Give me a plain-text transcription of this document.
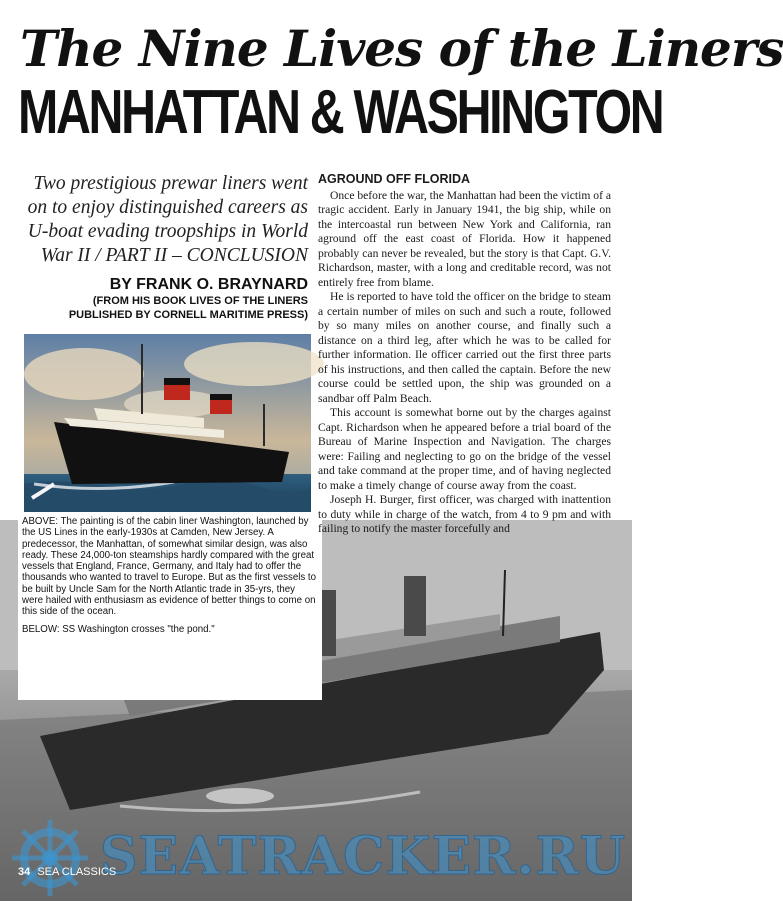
The Nine Lives of the Liners
MANHATTAN & WASHINGTON
Two prestigious prewar liners went on to enjoy distinguished careers as U-boat evading troopships in World War II / PART II – CONCLUSION
BY FRANK O. BRAYNARD
(FROM HIS BOOK LIVES OF THE LINERS
PUBLISHED BY CORNELL MARITIME PRESS)

ABOVE: The painting is of the cabin liner Washington, launched by the US Lines in the early-1930s at Camden, New Jersey. A predecessor, the Manhattan, of somewhat similar design, was also ready. These 24,000-ton steamships hardly compared with the great vessels that England, France, Germany, and Italy had to offer the thousands who wanted to travel to Europe. But as the first vessels to be built by Uncle Sam for the North Atlantic trade in 35-yrs, they were hailed with enthusiasm as evidence of better things to come on this side of the ocean.

BELOW: SS Washington crosses "the pond."

AGROUND OFF FLORIDA

Once before the war, the Manhattan had been the victim of a tragic accident. Early in January 1941, the big ship, while on the intercoastal run between New York and California, ran aground off the east coast of Florida. How it happened probably can never be revealed, but the story is that Capt. G.V. Richardson, master, with a long and creditable record, was not entirely free from blame.

He is reported to have told the officer on the bridge to steam a certain number of miles on such and such a route, followed by so many miles on another course, and finally such a distance on a third leg, after which he was to be called for further information. Ile officer carried out the first three parts of his instructions, and then called the captain. Before the new course could be settled upon, the ship was grounded on a sandbar off Palm Beach.

This account is somewhat borne out by the charges against Capt. Richardson when he appeared before a trial board of the Bureau of Marine Inspection and Navigation. The charges were: Failing and neglecting to go on the bridge of the vessel and take command at the proper time, and of having neglected to make a timely change of course away from the coast.

Joseph H. Burger, first officer, was charged with inattention to duty while in charge of the watch, from 4 to 9 pm and with failing to notify the master forcefully and

SEATRACKER.RU
34 SEA CLASSICS
